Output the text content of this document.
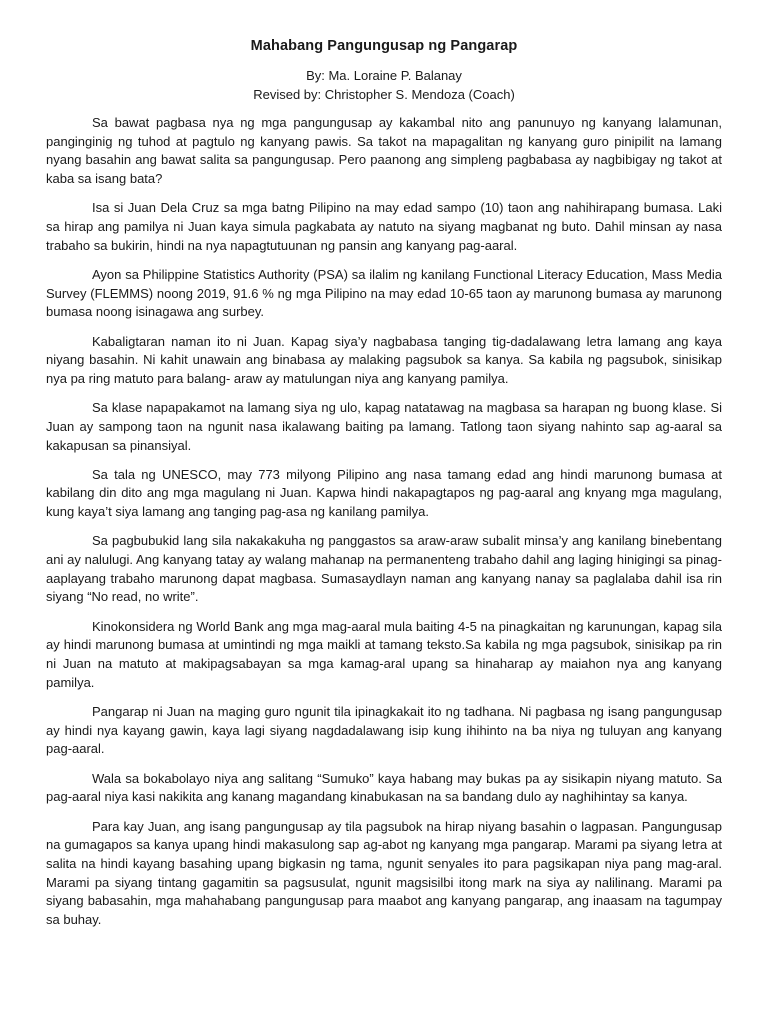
Mahabang Pangungusap ng Pangarap

By: Ma. Loraine P. Balanay

Revised by: Christopher S. Mendoza (Coach)

Sa bawat pagbasa nya ng mga pangungusap ay kakambal nito ang panunuyo ng kanyang lalamunan, panginginig ng tuhod at pagtulo ng kanyang pawis. Sa takot na mapagalitan ng kanyang guro pinipilit na lamang nyang basahin ang bawat salita sa pangungusap. Pero paanong ang simpleng pagbabasa ay nagbibigay ng takot at kaba sa isang bata?

Isa si Juan Dela Cruz sa mga batng Pilipino na may edad sampo (10) taon ang nahihirapang bumasa. Laki sa hirap ang pamilya ni Juan kaya simula pagkabata ay natuto na siyang magbanat ng buto. Dahil minsan ay nasa trabaho sa bukirin, hindi na nya napagtutuunan ng pansin ang kanyang pag-aaral.

Ayon sa Philippine Statistics Authority (PSA) sa ilalim ng kanilang Functional Literacy Education, Mass Media Survey (FLEMMS) noong 2019, 91.6 % ng mga Pilipino na may edad 10-65 taon ay marunong bumasa ay marunong bumasa noong isinagawa ang surbey.

Kabaligtaran naman ito ni Juan. Kapag siya’y nagbabasa tanging tig-dadalawang letra lamang ang kaya niyang basahin. Ni kahit unawain ang binabasa ay malaking pagsubok sa kanya. Sa kabila ng pagsubok, sinisikap nya pa ring matuto para balang- araw ay matulungan niya ang kanyang pamilya.

Sa klase napapakamot na lamang siya ng ulo, kapag natatawag na magbasa sa harapan ng buong klase. Si Juan ay sampong taon na ngunit nasa ikalawang baiting pa lamang. Tatlong taon siyang nahinto sap ag-aaral sa kakapusan sa pinansiyal.

Sa tala ng UNESCO, may 773 milyong Pilipino ang nasa tamang edad ang hindi marunong bumasa at kabilang din dito ang mga magulang ni Juan. Kapwa hindi nakapagtapos ng pag-aaral ang knyang mga magulang, kung kaya’t siya lamang ang tanging pag-asa ng kanilang pamilya.

Sa pagbubukid lang sila nakakakuha ng panggastos sa araw-araw subalit minsa’y ang kanilang binebentang ani ay nalulugi. Ang kanyang tatay ay walang mahanap na permanenteng trabaho dahil ang laging hinigingi sa pinag-aaplayang trabaho marunong dapat magbasa. Sumasaydlayn naman ang kanyang nanay sa paglalaba dahil isa rin siyang “No read, no write”.

Kinokonsidera ng World Bank ang mga mag-aaral mula baiting 4-5 na pinagkaitan ng karunungan, kapag sila ay hindi marunong bumasa at umintindi ng mga maikli at tamang teksto.Sa kabila ng mga pagsubok, sinisikap pa rin ni Juan na matuto at makipagsabayan sa mga kamag-aral upang sa hinaharap ay maiahon nya ang kanyang pamilya.

Pangarap ni Juan na maging guro ngunit tila ipinagkakait ito ng tadhana. Ni pagbasa ng isang pangungusap ay hindi nya kayang gawin, kaya lagi siyang nagdadalawang isip kung ihihinto na ba niya ng tuluyan ang kanyang pag-aaral.

Wala sa bokabolayo niya ang salitang “Sumuko” kaya habang may bukas pa ay sisikapin niyang matuto. Sa pag-aaral niya kasi nakikita ang kanang magandang kinabukasan na sa bandang dulo ay naghihintay sa kanya.

Para kay Juan, ang isang pangungusap ay tila pagsubok na hirap niyang basahin o lagpasan. Pangungusap na gumagapos sa kanya upang hindi makasulong sap ag-abot ng kanyang mga pangarap. Marami pa siyang letra at salita na hindi kayang basahing upang bigkasin ng tama, ngunit senyales ito para pagsikapan niya pang mag-aral. Marami pa siyang tintang gagamitin sa pagsusulat, ngunit magsisilbi itong mark na siya ay nalilinang. Marami pa siyang babasahin, mga mahahabang pangungusap para maabot ang kanyang pangarap, ang inaasam na tagumpay sa buhay.
